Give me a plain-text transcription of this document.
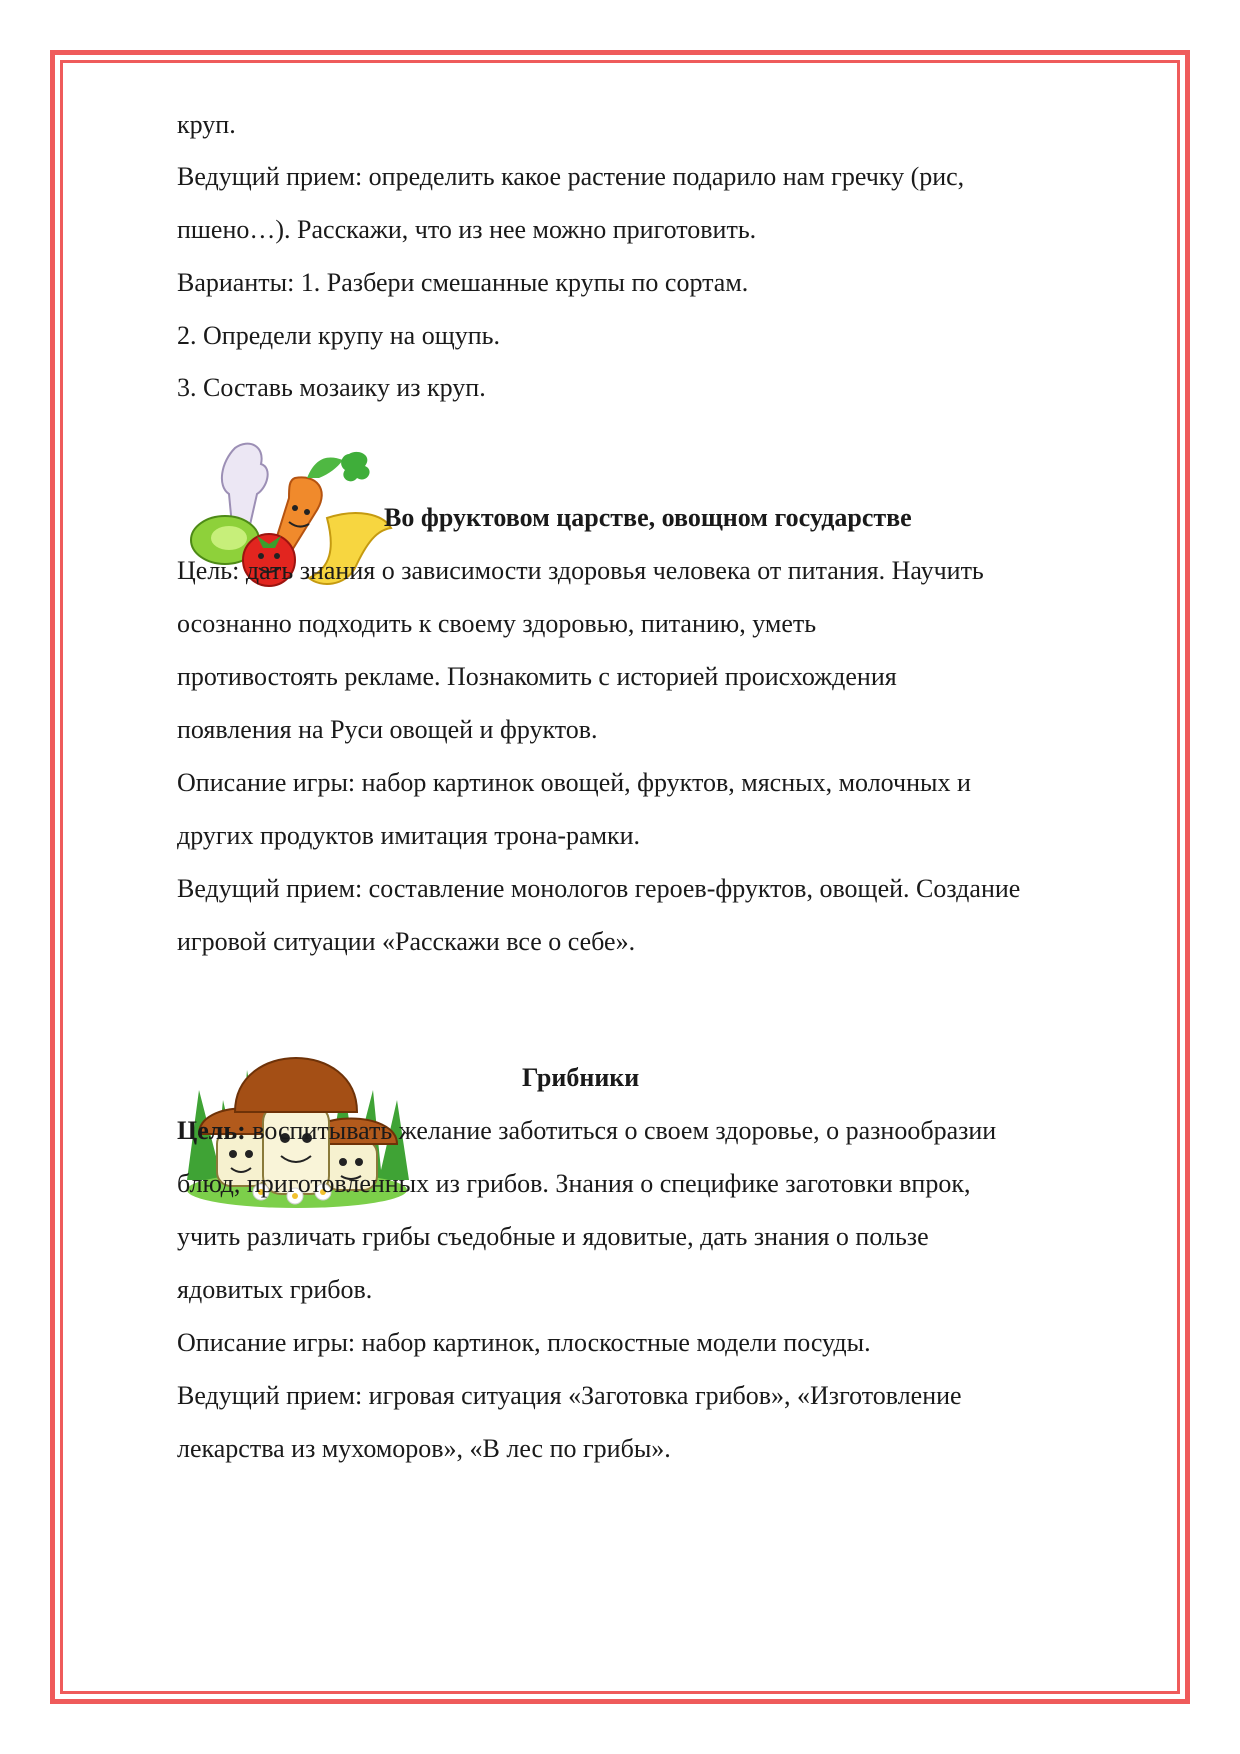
круп.
Ведущий прием: определить какое растение подарило нам гречку (рис,
пшено…). Расскажи, что из нее можно приготовить.
Варианты: 1. Разбери смешанные крупы по сортам.
2. Определи крупу на ощупь.
3. Составь мозаику из круп.
Во фруктовом царстве, овощном государстве
Цель: дать знания о зависимости здоровья человека от питания. Научить
осознанно подходить к своему здоровью, питанию, уметь
противостоять рекламе. Познакомить с историей происхождения
появления на Руси овощей и фруктов.
Описание игры: набор картинок овощей, фруктов, мясных, молочных и
других продуктов имитация трона-рамки.
Ведущий прием: составление монологов героев-фруктов, овощей. Создание
игровой ситуации «Расскажи все о себе».
Грибники
Цель: воспитывать желание заботиться о своем здоровье, о разнообразии
блюд, приготовленных из грибов. Знания о специфике заготовки впрок,
учить различать грибы съедобные и ядовитые, дать знания о пользе
ядовитых грибов.
Описание игры: набор картинок, плоскостные модели посуды.
Ведущий прием: игровая ситуация «Заготовка грибов», «Изготовление
лекарства из мухоморов», «В лес по грибы».
